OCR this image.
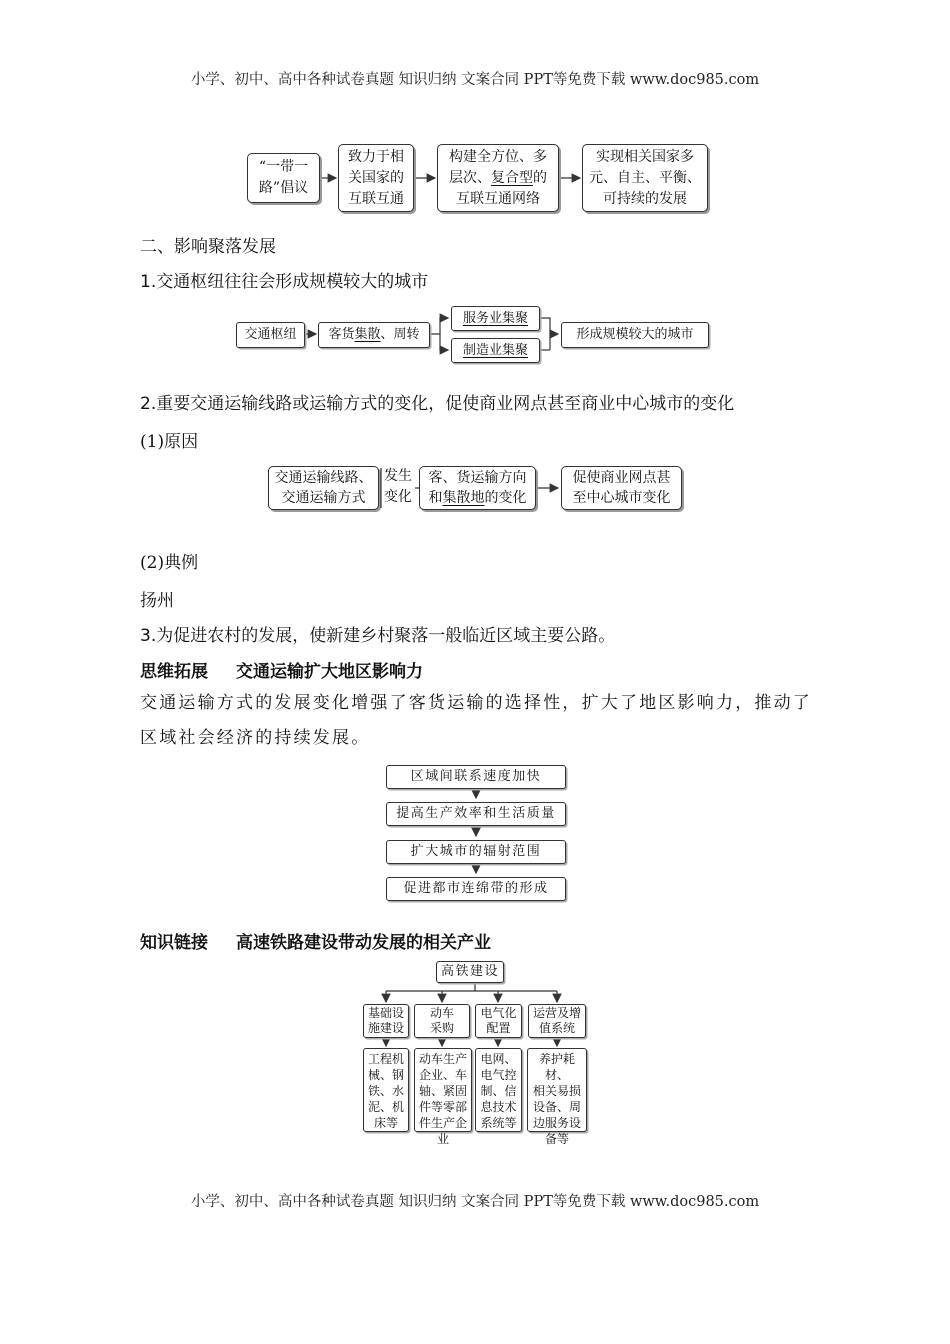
小学、初中、高中各种试卷真题 知识归纳 文案合同 PPT等免费下载 www.doc985.com
小学、初中、高中各种试卷真题 知识归纳 文案合同 PPT等免费下载 www.doc985.com
“一带一
路”倡议
致力于相
关国家的
互联互通
构建全方位、多
层次、复合型的
互联互通网络
实现相关国家多
元、自主、平衡、
可持续的发展
二、影响聚落发展
1.交通枢纽往往会形成规模较大的城市
交通枢纽	客货集散、周转
服务业集聚
制造业集聚
形成规模较大的城市
2.重要交通运输线路或运输方式的变化，促使商业网点甚至商业中心城市的变化
(1)原因
交通运输线路、
交通运输方式
发生
变化
客、货运输方向
和集散地的变化
促使商业网点甚
至中心城市变化
(2)典例
扬州
3.为促进农村的发展，使新建乡村聚落一般临近区域主要公路。
思维拓展 交通运输扩大地区影响力
交通运输方式的发展变化增强了客货运输的选择性，扩大了地区影响力，推动了区域社会经济的持续发展。
区域间联系速度加快
提高生产效率和生活质量
扩大城市的辐射范围
促进都市连绵带的形成
知识链接 高速铁路建设带动发展的相关产业
高铁建设
基础设
施建设
动车
采购
电气化
配置
运营及增
值系统
工程机
械、钢
铁、水
泥、机
床等
动车生产
企业、车
轴、紧固
件等零部
件生产企业
电网、
电气控
制、信
息技术
系统等
养护耗材、
相关易损
设备、周
边服务设
备等
